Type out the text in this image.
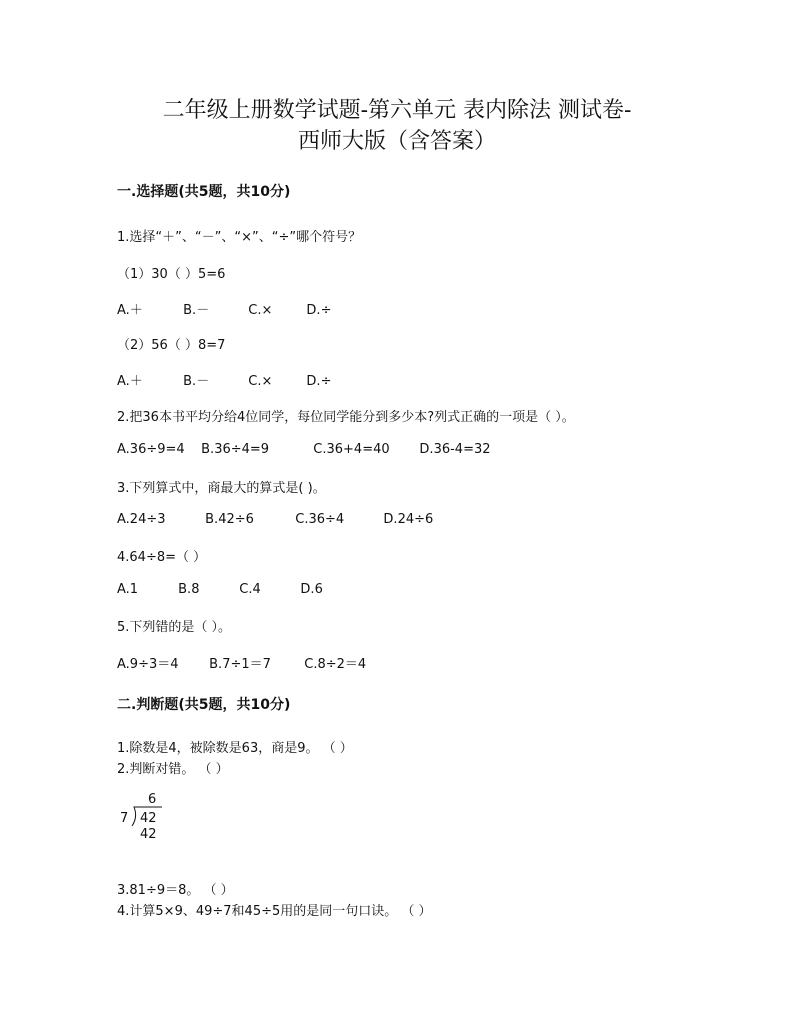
二年级上册数学试题-第六单元 表内除法 测试卷-
西师大版（含答案）
一.选择题(共5题，共10分)
1.选择“＋”、“－”、“×”、“÷”哪个符号？
（1）30（ ）5=6
A.＋	B.－	C.×	D.÷
（2）56（ ）8=7
A.＋	B.－	C.×	D.÷
2.把36本书平均分给4位同学，每位同学能分到多少本?列式正确的一项是（ ）。
A.36÷9=4 B.36÷4=9	C.36+4=40 D.36-4=32
3.下列算式中，商最大的算式是( )。
A.24÷3	B.42÷6	C.36÷4	D.24÷6
4.64÷8=（ ）
A.1	B.8	C.4	D.6
5.下列错的是（ ）。
A.9÷3＝4 B.7÷1＝7	C.8÷2＝4
二.判断题(共5题，共10分)
1.除数是4，被除数是63，商是9。 （ ）
2.判断对错。 （ ）
6
7 42
42
3.81÷9＝8。 （ ）
4.计算5×9、49÷7和45÷5用的是同一句口诀。 （ ）
